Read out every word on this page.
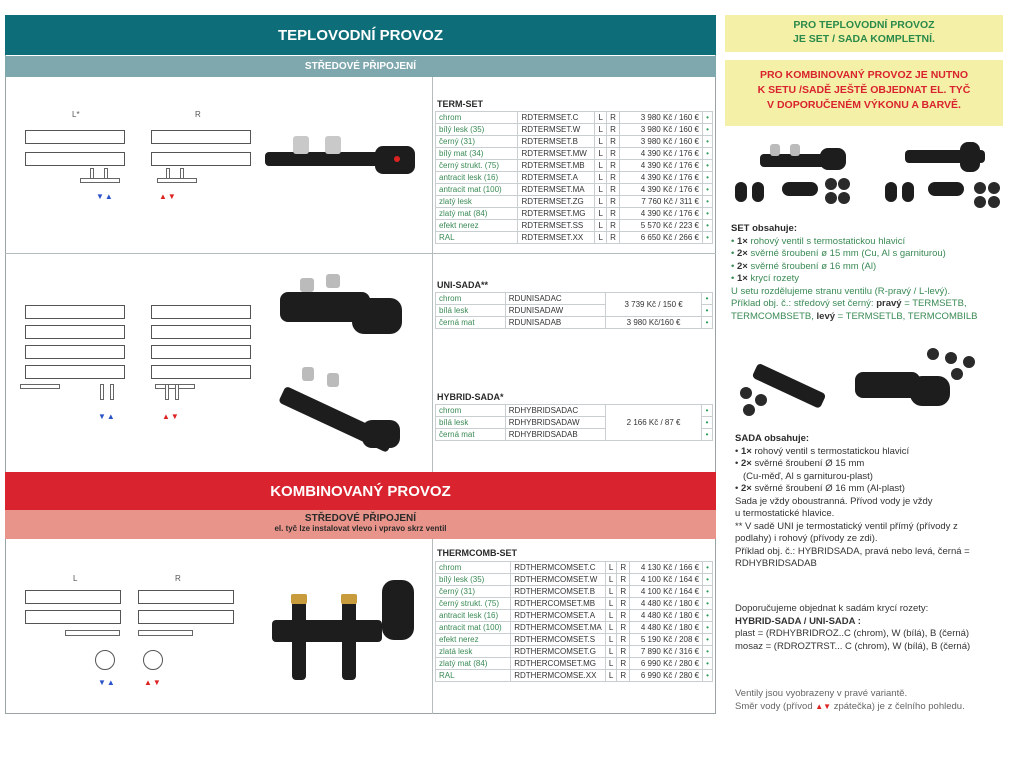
TEPLOVODNÍ PROVOZ
STŘEDOVÉ PŘIPOJENÍ
L*	R
▼▲	▲▼
TERM-SET
chrom	RDTERMSET.C	L	R	3 980 Kč / 160 €	•
bílý lesk (35)	RDTERMSET.W	L	R	3 980 Kč / 160 €	•
černý (31)	RDTERMSET.B	L	R	3 980 Kč / 160 €	•
bílý mat (34)	RDTERMSET.MW	L	R	4 390 Kč / 176 €	•
černý strukt. (75)	RDTERMSET.MB	L	R	4 390 Kč / 176 €	•
antracit lesk (16)	RDTERMSET.A	L	R	4 390 Kč / 176 €	•
antracit mat (100)	RDTERMSET.MA	L	R	4 390 Kč / 176 €	•
zlatý lesk	RDTERMSET.ZG	L	R	7 760 Kč / 311 €	•
zlatý mat (84)	RDTERMSET.MG	L	R	4 390 Kč / 176 €	•
efekt nerez	RDTERMSET.SS	L	R	5 570 Kč / 223 €	•
RAL	RDTERMSET.XX	L	R	6 650 Kč / 266 €	•
▼▲	▲▼
UNI-SADA**
chrom	RDUNISADAC	3 739 Kč / 150 €	•
bílá lesk	RDUNISADAW		•
černá mat	RDUNISADAB	3 980 Kč/160 €	•
HYBRID-SADA*
chrom	RDHYBRIDSADAC	2 166 Kč / 87 €	•
bílá lesk	RDHYBRIDSADAW		•
černá mat	RDHYBRIDSADAB		•
KOMBINOVANÝ PROVOZ
STŘEDOVÉ PŘIPOJENÍ
el. tyč lze instalovat vlevo i vpravo skrz ventil
L	R
▼▲	▲▼
THERMCOMB-SET
chrom	RDTHERMCOMSET.C	L	R	4 130 Kč / 166 €	•
bílý lesk (35)	RDTHERMCOMSET.W	L	R	4 100 Kč / 164 €	•
černý (31)	RDTHERMCOMSET.B	L	R	4 100 Kč / 164 €	•
černý strukt. (75)	RDTHERCOMSET.MB	L	R	4 480 Kč / 180 €	•
antracit lesk (16)	RDTHERMCOMSET.A	L	R	4 480 Kč / 180 €	•
antracit mat (100)	RDTHERMCOMSET.MA	L	R	4 480 Kč / 180 €	•
efekt nerez	RDTHERMCOMSET.S	L	R	5 190 Kč / 208 €	•
zlatá lesk	RDTHERMCOMSET.G	L	R	7 890 Kč / 316 €	•
zlatý mat (84)	RDTHERCOMSET.MG	L	R	6 990 Kč / 280 €	•
RAL	RDTHERMCOMSE.XX	L	R	6 990 Kč / 280 €	•
PRO TEPLOVODNÍ PROVOZ
JE SET / SADA KOMPLETNÍ.
PRO KOMBINOVANÝ PROVOZ JE NUTNO
K SETU /SADĚ JEŠTĚ OBJEDNAT EL. TYČ
V DOPORUČENÉM VÝKONU A BARVĚ.
SET obsahuje:
• 1× rohový ventil s termostatickou hlavicí
• 2× svěrné šroubení ø 15 mm (Cu, Al s garniturou)
• 2× svěrné šroubení ø 16 mm (Al)
• 1× krycí rozety
U setu rozdělujeme stranu ventilu (R-pravý / L-levý).
Příklad obj. č.: středový set černý: pravý = TERMSETB,
TERMCOMBSETB, levý = TERMSETLB, TERMCOMBILB
SADA obsahuje:
• 1× rohový ventil s termostatickou hlavicí
• 2× svěrné šroubení Ø 15 mm
(Cu-měď, Al s garniturou-plast)
• 2× svěrné šroubení Ø 16 mm (Al-plast)
Sada je vždy oboustranná. Přívod vody je vždy
u termostatické hlavice.
** V sadě UNI je termostatický ventil přímý (přívody z
podlahy) i rohový (přívody ze zdi).
Příklad obj. č.: HYBRIDSADA, pravá nebo levá, černá =
RDHYBRIDSADAB
Doporučujeme objednat k sadám krycí rozety:
HYBRID-SADA / UNI-SADA :
plast = (RDHYBRIDROZ..C (chrom), W (bílá), B (černá)
mosaz = (RDROZTRST... C (chrom), W (bílá), B (černá)
Ventily jsou vyobrazeny v pravé variantě.
Směr vody (přívod ▲▼ zpátečka) je z čelního pohledu.
